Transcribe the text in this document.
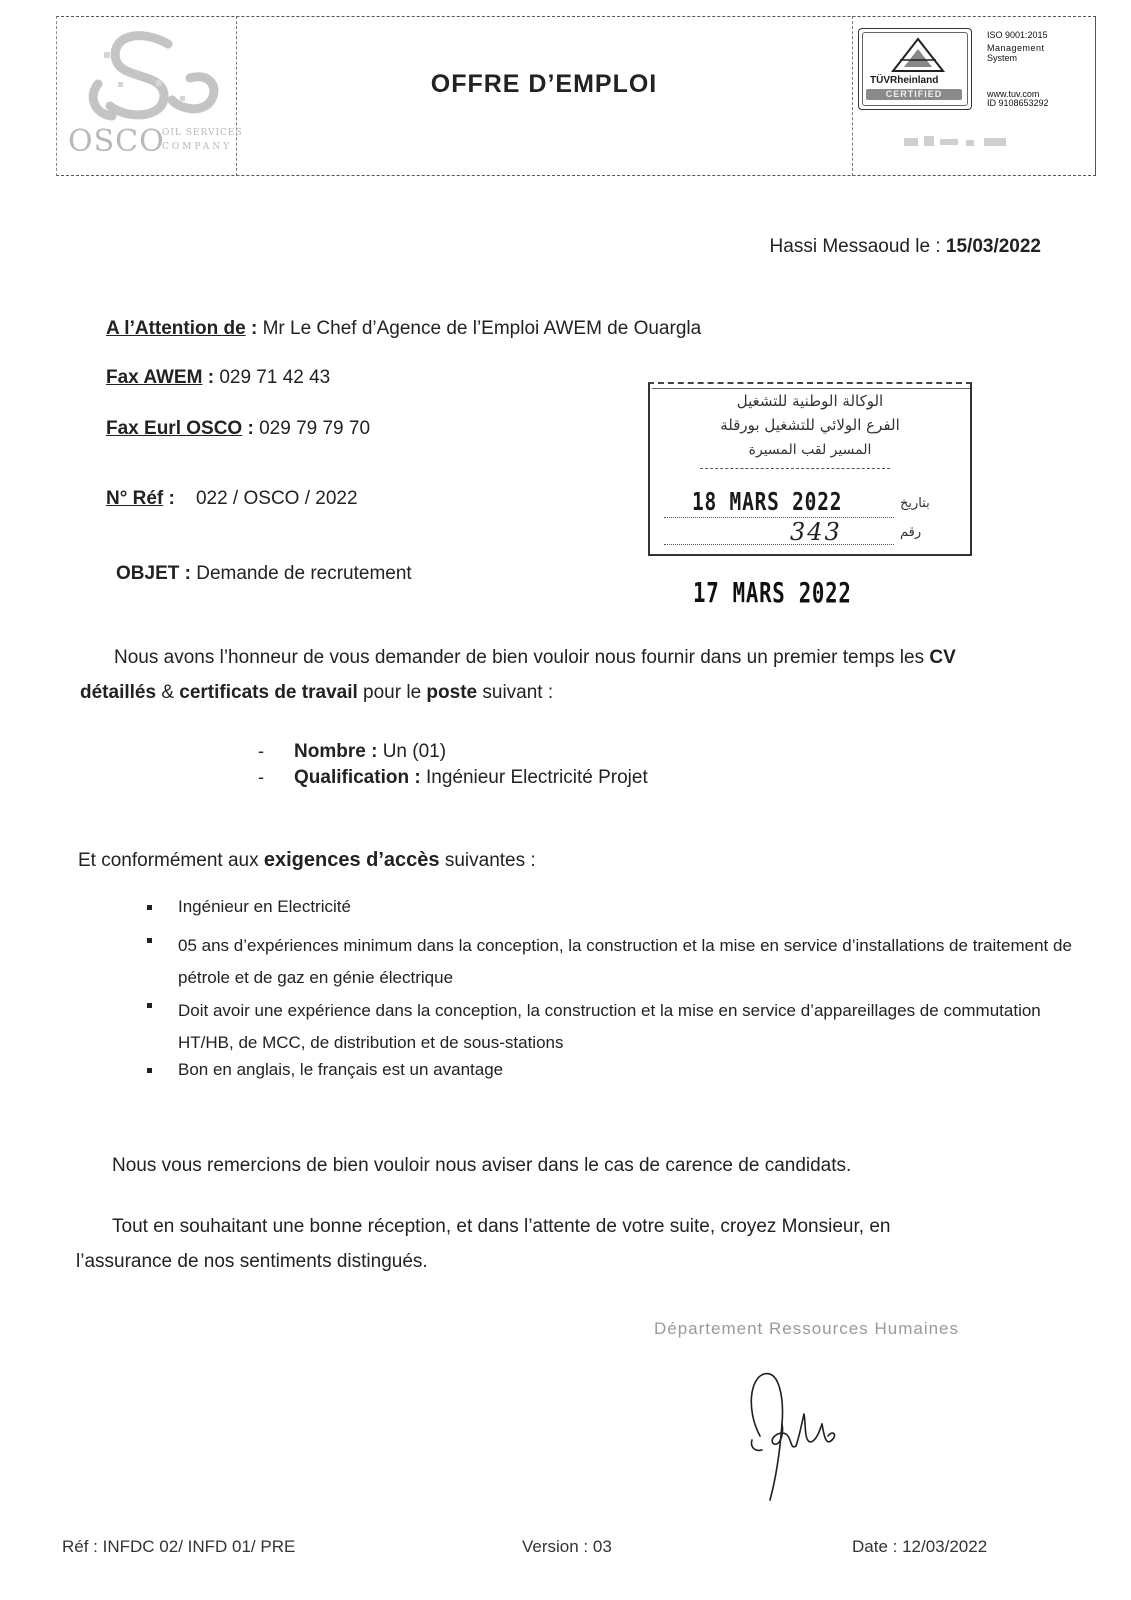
OSCO
OIL SERVICES
COMPANY
OFFRE D’EMPLOI	TÜVRheinland
CERTIFIED
ISO 9001:2015
Management
System
www.tuv.com
ID 9108653292
Hassi Messaoud le : 15/03/2022
A l’Attention de : Mr Le Chef d’Agence de l’Emploi AWEM de Ouargla
Fax AWEM : 029 71 42 43
Fax Eurl OSCO : 029 79 79 70
N° Réf :    022 / OSCO / 2022
OBJET : Demande de recrutement
الوكالة الوطنية للتشغيل
الفرع الولائي للتشغيل بورقلة
المسير لقب المسيرة
بتاريخ
رقم
18 MARS 2022
343
17 MARS 2022
Nous avons l’honneur de vous demander de bien vouloir nous fournir dans un premier temps les CV
détaillés & certificats de travail pour le poste suivant :
-
-
Nombre : Un (01)
Qualification : Ingénieur Electricité Projet
Et conformément aux exigences d’accès suivantes :
Ingénieur en Electricité
05 ans d’expériences minimum dans la conception, la construction et la mise en service d’installations de traitement de pétrole et de gaz en génie électrique
Doit avoir une expérience dans la conception, la construction et la mise en service d’appareillages de commutation HT/HB, de MCC, de distribution et de sous-stations
Bon en anglais, le français est un avantage
Nous vous remercions de bien vouloir nous aviser dans le cas de carence de candidats.
Tout en souhaitant une bonne réception, et dans l’attente de votre suite, croyez Monsieur, en
l’assurance de nos sentiments distingués.
Département Ressources Humaines
Réf : INFDC 02/ INFD 01/ PRE	Version : 03	Date : 12/03/2022
